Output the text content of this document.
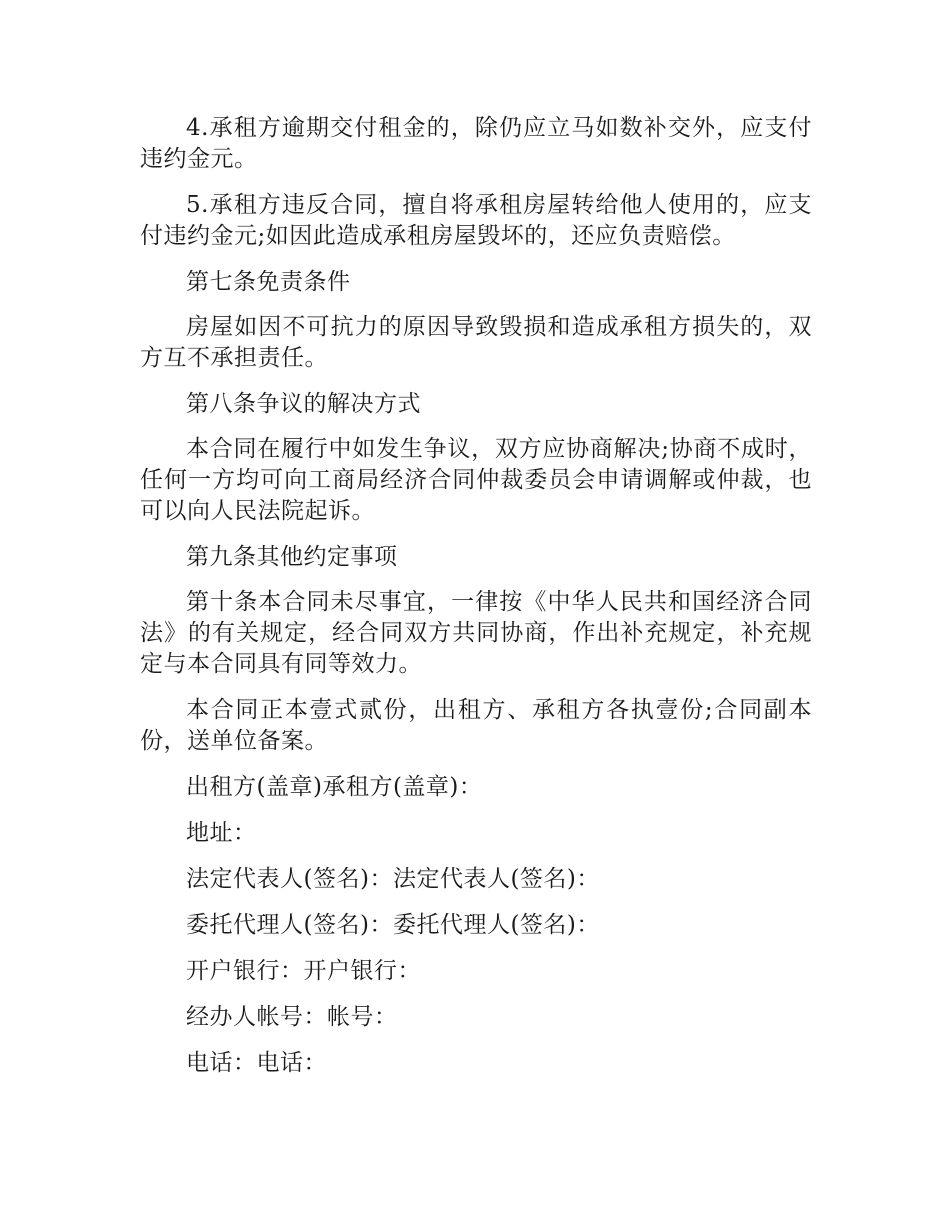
4.承租方逾期交付租金的，除仍应立马如数补交外，应支付违约金元。

5.承租方违反合同，擅自将承租房屋转给他人使用的，应支付违约金元;如因此造成承租房屋毁坏的，还应负责赔偿。

第七条免责条件

房屋如因不可抗力的原因导致毁损和造成承租方损失的，双方互不承担责任。

第八条争议的解决方式

本合同在履行中如发生争议，双方应协商解决;协商不成时，任何一方均可向工商局经济合同仲裁委员会申请调解或仲裁，也可以向人民法院起诉。

第九条其他约定事项

第十条本合同未尽事宜，一律按《中华人民共和国经济合同法》的有关规定，经合同双方共同协商，作出补充规定，补充规定与本合同具有同等效力。

本合同正本壹式贰份，出租方、承租方各执壹份;合同副本份，送单位备案。

出租方(盖章)承租方(盖章)：

地址：

法定代表人(签名)：法定代表人(签名)：

委托代理人(签名)：委托代理人(签名)：

开户银行：开户银行：

经办人帐号：帐号：

电话：电话：
